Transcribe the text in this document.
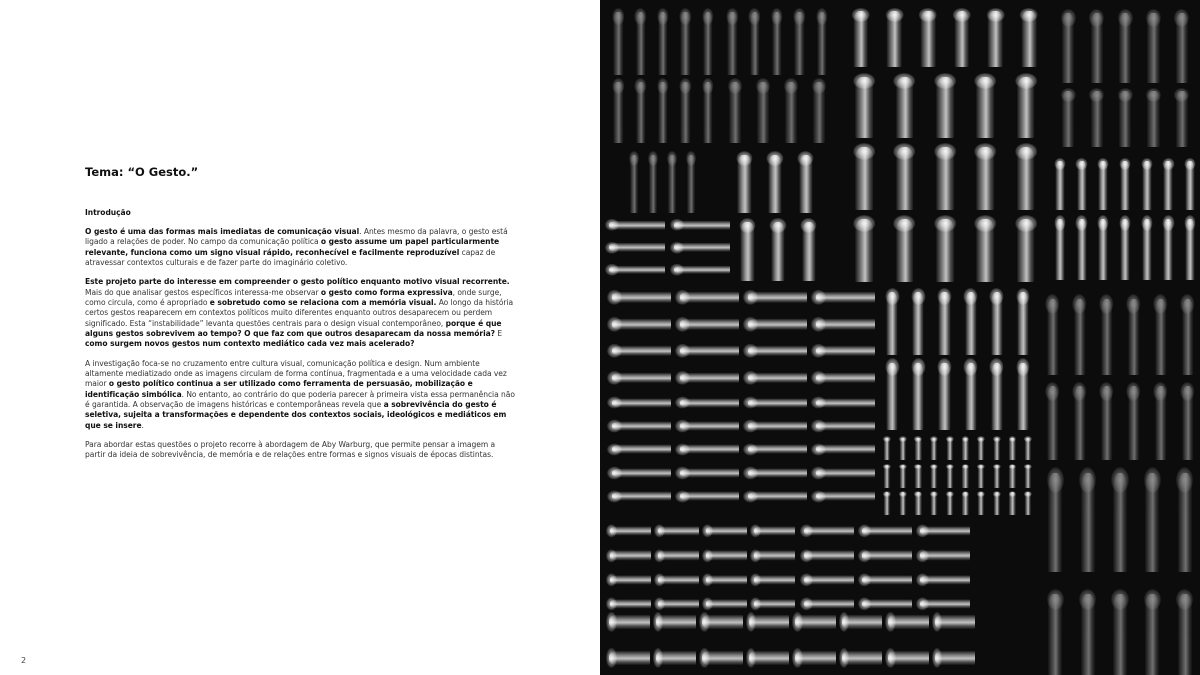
Tema: “O Gesto.”
Introdução

O gesto é uma das formas mais imediatas de comunicação visual. Antes mesmo da palavra, o gesto está ligado a relações de poder. No campo da comunicação política o gesto assume um papel particularmente relevante, funciona como um signo visual rápido, reconhecível e facilmente reproduzível capaz de atravessar contextos culturais e de fazer parte do imaginário coletivo.

Este projeto parte do interesse em compreender o gesto político enquanto motivo visual recorrente. Mais do que analisar gestos específicos interessa-me observar o gesto como forma expressiva, onde surge, como circula, como é apropriado e sobretudo como se relaciona com a memória visual. Ao longo da história certos gestos reaparecem em contextos políticos muito diferentes enquanto outros desaparecem ou perdem significado. Esta “instabilidade” levanta questões centrais para o design visual contemporâneo, porque é que alguns gestos sobrevivem ao tempo? O que faz com que outros desaparecam da nossa memória? E como surgem novos gestos num contexto mediático cada vez mais acelerado?

A investigação foca-se no cruzamento entre cultura visual, comunicação política e design. Num ambiente altamente mediatizado onde as imagens circulam de forma contínua, fragmentada e a uma velocidade cada vez maior o gesto político continua a ser utilizado como ferramenta de persuasão, mobilização e identificação simbólica. No entanto, ao contrário do que poderia parecer à primeira vista essa permanência não é garantida. A observação de imagens históricas e contemporâneas revela que a sobrevivência do gesto é seletiva, sujeita a transformações e dependente dos contextos sociais, ideológicos e mediáticos em que se insere.

Para abordar estas questões o projeto recorre à abordagem de Aby Warburg, que permite pensar a imagem a partir da ideia de sobrevivência, de memória e de relações entre formas e signos visuais de épocas distintas.

2
